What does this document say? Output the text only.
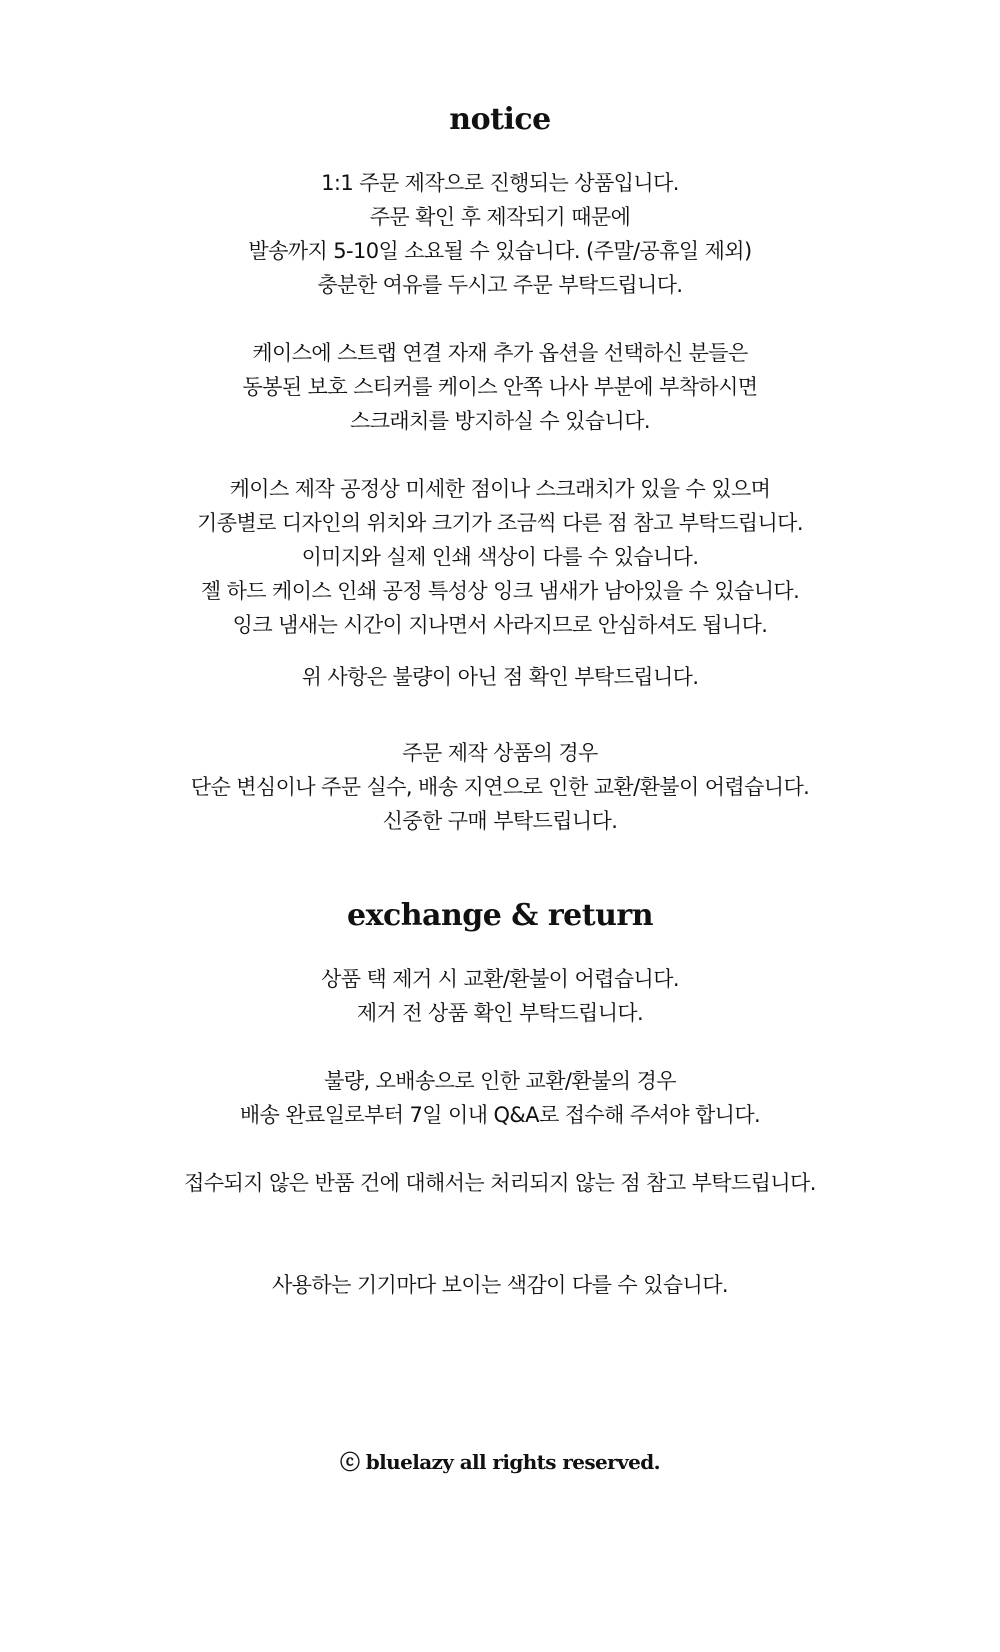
notice

1:1 주문 제작으로 진행되는 상품입니다.

주문 확인 후 제작되기 때문에

발송까지 5-10일 소요될 수 있습니다. (주말/공휴일 제외)

충분한 여유를 두시고 주문 부탁드립니다.

케이스에 스트랩 연결 자재 추가 옵션을 선택하신 분들은

동봉된 보호 스티커를 케이스 안쪽 나사 부분에 부착하시면

스크래치를 방지하실 수 있습니다.

케이스 제작 공정상 미세한 점이나 스크래치가 있을 수 있으며

기종별로 디자인의 위치와 크기가 조금씩 다른 점 참고 부탁드립니다.

이미지와 실제 인쇄 색상이 다를 수 있습니다.

젤 하드 케이스 인쇄 공정 특성상 잉크 냄새가 남아있을 수 있습니다.

잉크 냄새는 시간이 지나면서 사라지므로 안심하셔도 됩니다.

위 사항은 불량이 아닌 점 확인 부탁드립니다.

주문 제작 상품의 경우

단순 변심이나 주문 실수, 배송 지연으로 인한 교환/환불이 어렵습니다.

신중한 구매 부탁드립니다.

exchange & return

상품 택 제거 시 교환/환불이 어렵습니다.

제거 전 상품 확인 부탁드립니다.

불량, 오배송으로 인한 교환/환불의 경우

배송 완료일로부터 7일 이내 Q&A로 접수해 주셔야 합니다.

접수되지 않은 반품 건에 대해서는 처리되지 않는 점 참고 부탁드립니다.

사용하는 기기마다 보이는 색감이 다를 수 있습니다.

ⓒ bluelazy all rights reserved.
